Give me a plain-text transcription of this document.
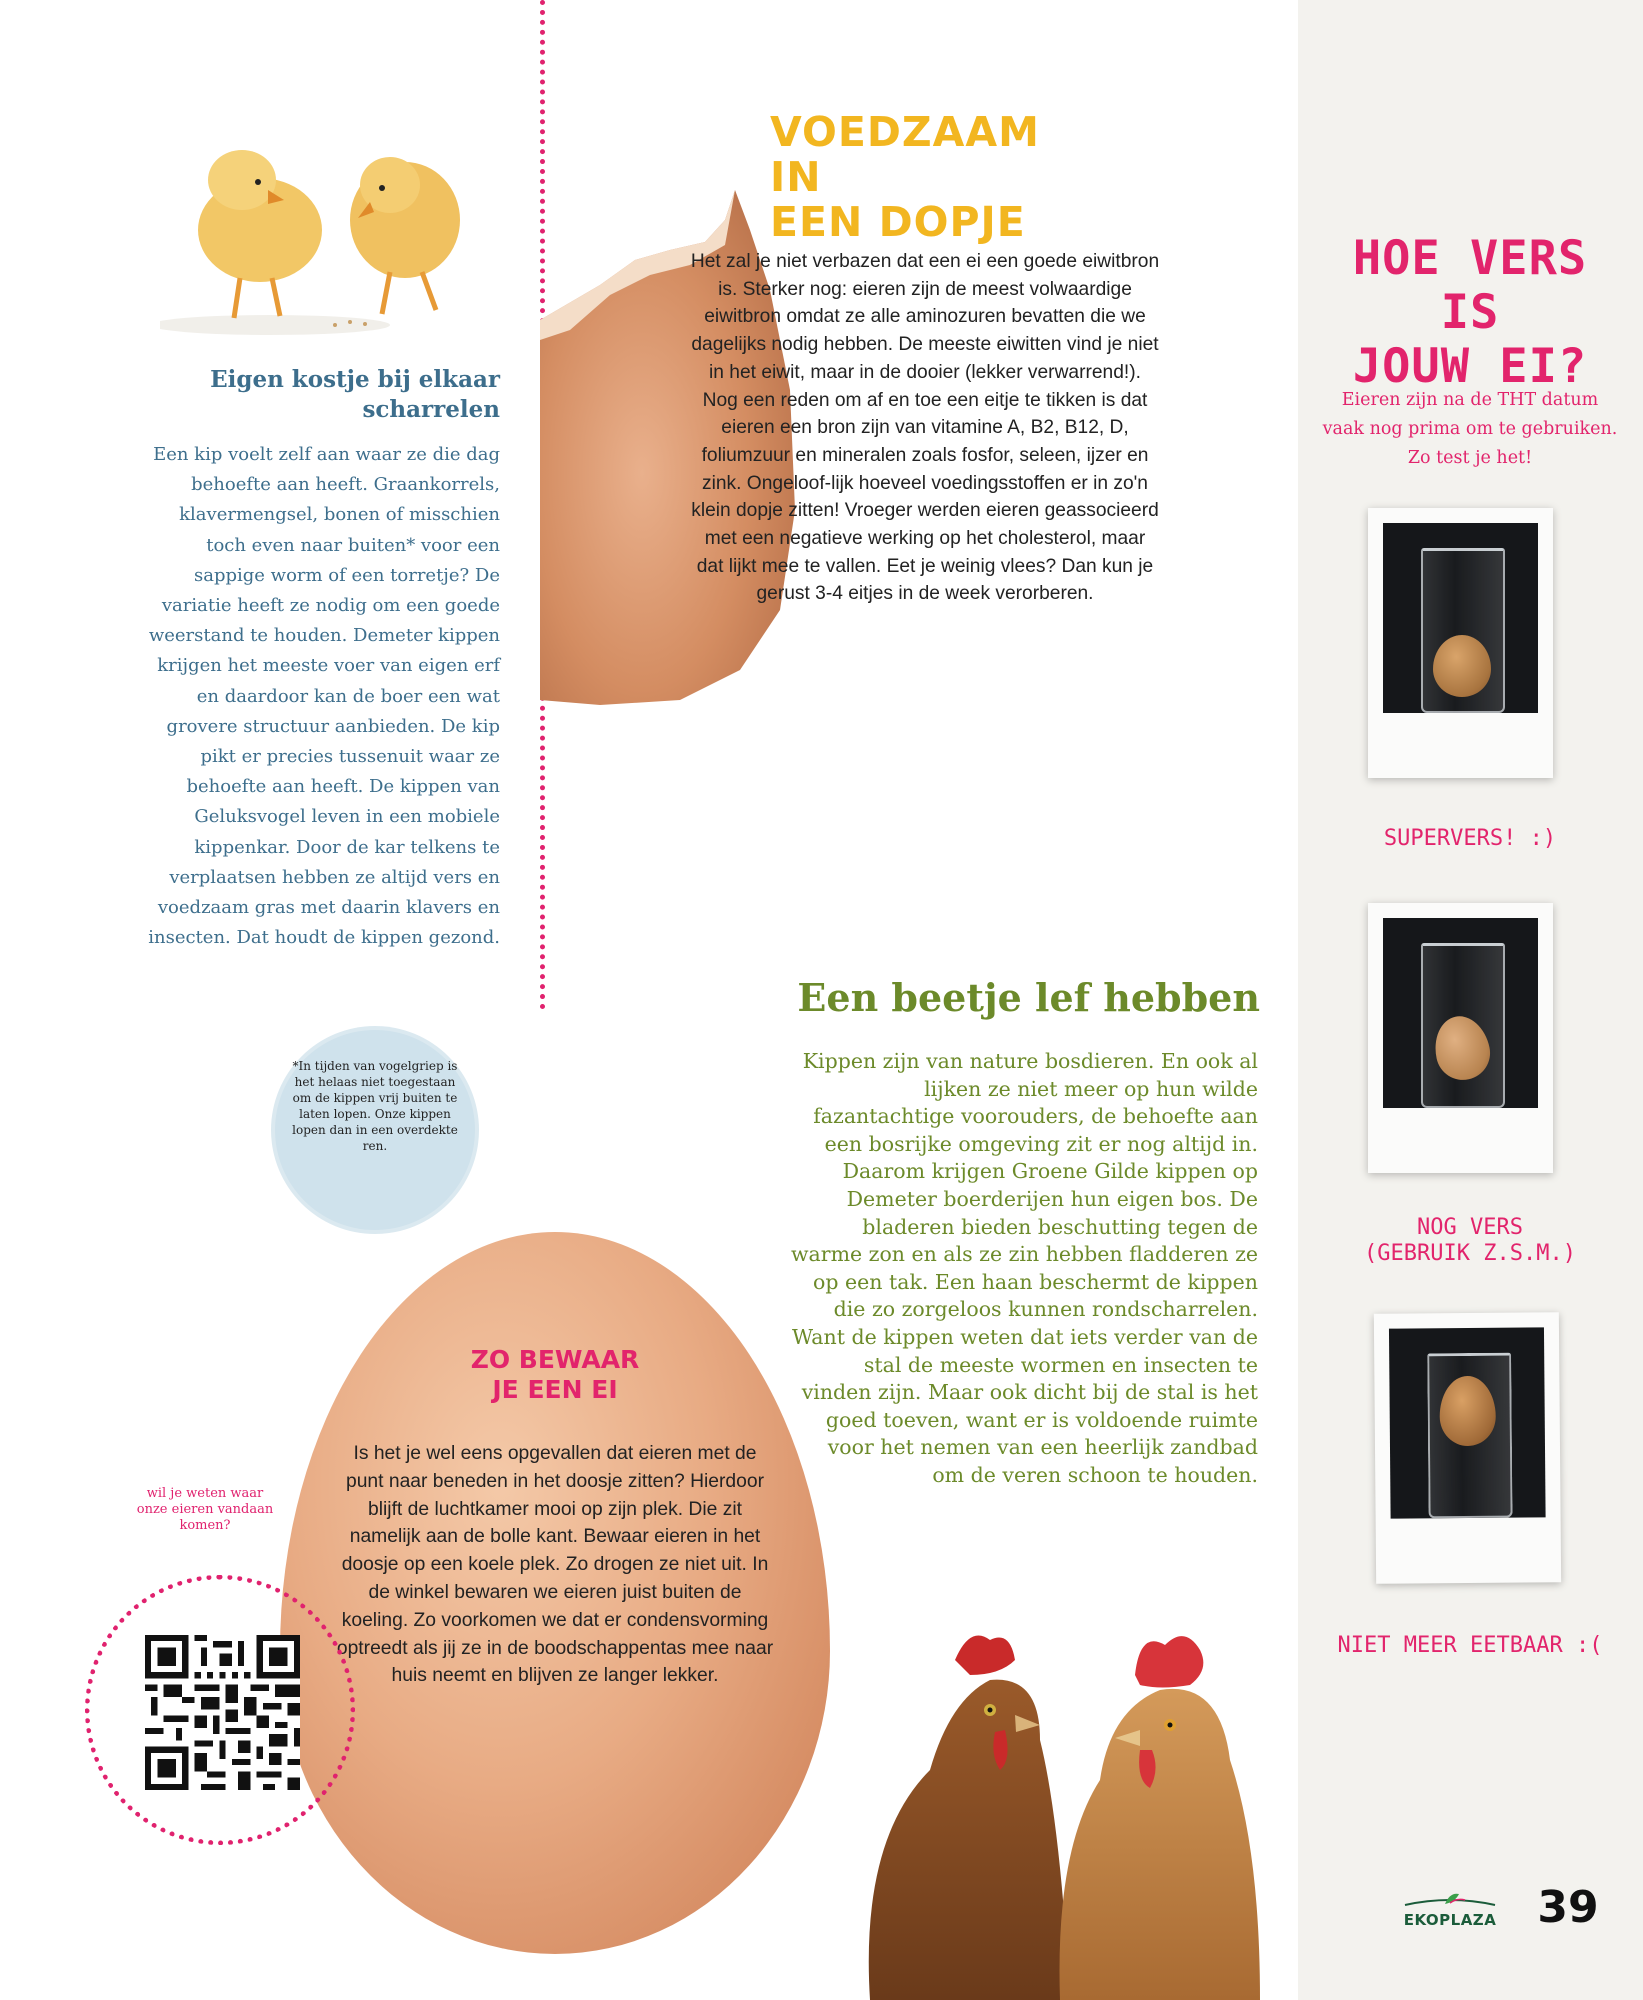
Eigen kostje bij elkaar scharrelen

Een kip voelt zelf aan waar ze die dag behoefte aan heeft. Graankorrels, klavermengsel, bonen of misschien toch even naar buiten* voor een sappige worm of een torretje? De variatie heeft ze nodig om een goede weerstand te houden. Demeter kippen krijgen het meeste voer van eigen erf en daardoor kan de boer een wat grovere structuur aanbieden. De kip pikt er precies tussenuit waar ze behoefte aan heeft. De kippen van Geluksvogel leven in een mobiele kippenkar. Door de kar telkens te verplaatsen hebben ze altijd vers en voedzaam gras met daarin klavers en insecten. Dat houdt de kippen gezond.

*In tijden van vogelgriep is het helaas niet toegestaan om de kippen vrij buiten te laten lopen. Onze kippen lopen dan in een overdekte ren.

VOEDZAAM IN
EEN DOPJE

Het zal je niet verbazen dat een ei een goede eiwitbron is. Sterker nog: eieren zijn de meest volwaardige eiwitbron omdat ze alle aminozuren bevatten die we dagelijks nodig hebben. De meeste eiwitten vind je niet in het eiwit, maar in de dooier (lekker verwarrend!). Nog een reden om af en toe een eitje te tikken is dat eieren een bron zijn van vitamine A, B2, B12, D, foliumzuur en mineralen zoals fosfor, seleen, ijzer en zink. Ongeloof-lijk hoeveel voedingsstoffen er in zo'n klein dopje zitten! Vroeger werden eieren geassocieerd met een negatieve werking op het cholesterol, maar dat lijkt mee te vallen. Eet je weinig vlees? Dan kun je gerust 3-4 eitjes in de week verorberen.

Een beetje lef hebben

Kippen zijn van nature bosdieren. En ook al lijken ze niet meer op hun wilde fazantachtige voorouders, de behoefte aan een bosrijke omgeving zit er nog altijd in. Daarom krijgen Groene Gilde kippen op Demeter boerderijen hun eigen bos. De bladeren bieden beschutting tegen de warme zon en als ze zin hebben fladderen ze op een tak. Een haan beschermt de kippen die zo zorgeloos kunnen rondscharrelen. Want de kippen weten dat iets verder van de stal de meeste wormen en insecten te vinden zijn. Maar ook dicht bij de stal is het goed toeven, want er is voldoende ruimte voor het nemen van een heerlijk zandbad om de veren schoon te houden.

ZO BEWAAR
JE EEN EI

Is het je wel eens opgevallen dat eieren met de punt naar beneden in het doosje zitten? Hierdoor blijft de luchtkamer mooi op zijn plek. Die zit namelijk aan de bolle kant. Bewaar eieren in het doosje op een koele plek. Zo drogen ze niet uit. In de winkel bewaren we eieren juist buiten de koeling. Zo voorkomen we dat er condensvorming optreedt als jij ze in de boodschappentas mee naar huis neemt en blijven ze langer lekker.

wil je weten waar onze eieren vandaan komen?

HOE VERS IS
JOUW EI?

Eieren zijn na de THT datum vaak nog prima om te gebruiken. Zo test je het!

SUPERVERS! :)

NOG VERS
(GEBRUIK Z.S.M.)

NIET MEER EETBAAR :(

EKOPLAZA 39
